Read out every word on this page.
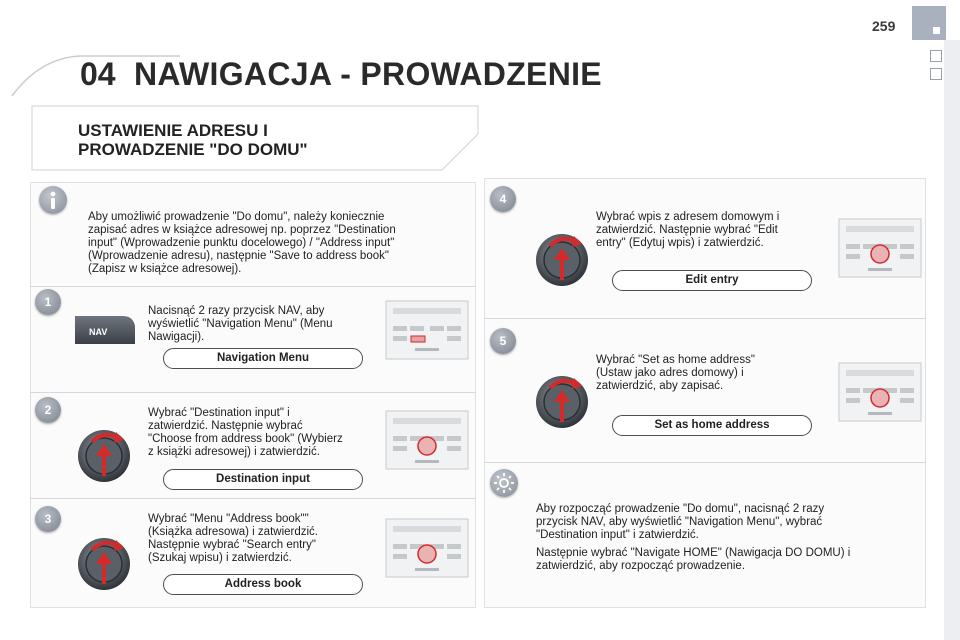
259
04 NAWIGACJA - PROWADZENIE
USTAWIENIE ADRESU I
PROWADZENIE "DO DOMU"
Aby umożliwić prowadzenie "Do domu", należy koniecznie
zapisać adres w książce adresowej np. poprzez "Destination
input" (Wprowadzenie punktu docelowego) / "Address input"
(Wprowadzenie adresu), następnie "Save to address book"
(Zapisz w książce adresowej).
1
NAV
Nacisnąć 2 razy przycisk NAV, aby
wyświetlić "Navigation Menu" (Menu
Nawigacji).
Navigation Menu
2	Wybrać "Destination input" i
zatwierdzić. Następnie wybrać
"Choose from address book" (Wybierz
z książki adresowej) i zatwierdzić.
Destination input
3	Wybrać "Menu "Address book""
(Książka adresowa) i zatwierdzić.
Następnie wybrać "Search entry"
(Szukaj wpisu) i zatwierdzić.
Address book
4
Wybrać wpis z adresem domowym i
zatwierdzić. Następnie wybrać "Edit
entry" (Edytuj wpis) i zatwierdzić.
Edit entry
5
Wybrać "Set as home address"
(Ustaw jako adres domowy) i
zatwierdzić, aby zapisać.
Set as home address
Aby rozpocząć prowadzenie "Do domu", nacisnąć 2 razy
przycisk NAV, aby wyświetlić "Navigation Menu", wybrać
"Destination input" i zatwierdzić.
Następnie wybrać "Navigate HOME" (Nawigacja DO DOMU) i
zatwierdzić, aby rozpocząć prowadzenie.
